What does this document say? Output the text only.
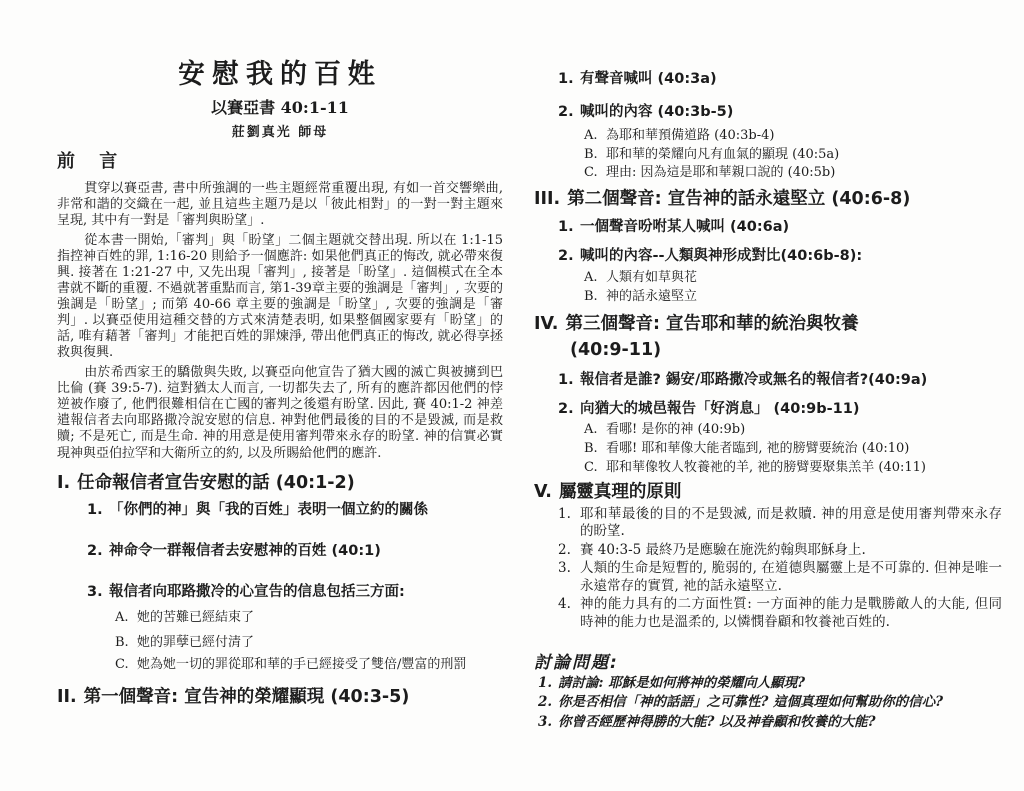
安慰我的百姓
以賽亞書 40:1-11
莊劉真光 師母
前 言

貫穿以賽亞書, 書中所強調的一些主題經常重覆出現, 有如一首交響樂曲, 非常和諧的交織在一起, 並且這些主題乃是以「彼此相對」的一對一對主題來呈現, 其中有一對是「審判與盼望」.

從本書一開始,「審判」與「盼望」二個主題就交替出現. 所以在 1:1-15 指控神百姓的罪, 1:16-20 則給予一個應許: 如果他們真正的悔改, 就必帶來復興. 接著在 1:21-27 中, 又先出現「審判」, 接著是「盼望」. 這個模式在全本書就不斷的重覆. 不過就著重點而言, 第1-39章主要的強調是「審判」, 次要的強調是「盼望」; 而第 40-66 章主要的強調是「盼望」, 次要的強調是「審判」. 以賽亞使用這種交替的方式來清楚表明, 如果整個國家要有「盼望」的話, 唯有藉著「審判」才能把百姓的罪煉淨, 帶出他們真正的悔改, 就必得享拯救與復興.

由於希西家王的驕傲與失敗, 以賽亞向他宣告了猶大國的滅亡與被擄到巴比倫 (賽 39:5-7). 這對猶太人而言, 一切都失去了, 所有的應許都因他們的悖逆被作廢了, 他們很難相信在亡國的審判之後還有盼望. 因此, 賽 40:1-2 神差遣報信者去向耶路撒冷說安慰的信息. 神對他們最後的目的不是毀滅, 而是救贖; 不是死亡, 而是生命. 神的用意是使用審判帶來永存的盼望. 神的信實必實現神與亞伯拉罕和大衛所立的約, 以及所賜給他們的應許.

I. 任命報信者宣告安慰的話 (40:1-2)
1. 「你們的神」與「我的百姓」表明一個立約的關係
2. 神命令一群報信者去安慰神的百姓 (40:1)
3. 報信者向耶路撒冷的心宣告的信息包括三方面:
A. 她的苦難已經結束了
B. 她的罪孽已經付清了
C. 她為她一切的罪從耶和華的手已經接受了雙倍/豐富的刑罰
II. 第一個聲音: 宣告神的榮耀顯現 (40:3-5)
1. 有聲音喊叫 (40:3a)
2. 喊叫的內容 (40:3b-5)
A. 為耶和華預備道路 (40:3b-4)
B. 耶和華的榮耀向凡有血氣的顯現 (40:5a)
C. 理由: 因為這是耶和華親口說的 (40:5b)
III. 第二個聲音: 宣告神的話永遠堅立 (40:6-8)
1. 一個聲音吩咐某人喊叫 (40:6a)
2. 喊叫的內容--人類與神形成對比(40:6b-8):
A. 人類有如草與花
B. 神的話永遠堅立
IV. 第三個聲音: 宣告耶和華的統治與牧養
(40:9-11)
1. 報信者是誰? 錫安/耶路撒冷或無名的報信者?(40:9a)
2. 向猶大的城邑報告「好消息」 (40:9b-11)
A. 看哪! 是你的神 (40:9b)
B. 看哪! 耶和華像大能者臨到, 祂的膀臂要統治 (40:10)
C. 耶和華像牧人牧養祂的羊, 祂的膀臂要聚集羔羊 (40:11)
V. 屬靈真理的原則
1. 耶和華最後的目的不是毀滅, 而是救贖. 神的用意是使用審判帶來永存的盼望.
2. 賽 40:3-5 最終乃是應驗在施洗約翰與耶穌身上.
3. 人類的生命是短暫的, 脆弱的, 在道德與屬靈上是不可靠的. 但神是唯一永遠常存的實質, 祂的話永遠堅立.
4. 神的能力具有的二方面性質: 一方面神的能力是戰勝敵人的大能, 但同時神的能力也是溫柔的, 以憐憫眷顧和牧養祂百姓的.
討論問題:
1. 請討論: 耶穌是如何將神的榮耀向人顯現?
2. 你是否相信「神的話語」之可靠性? 這個真理如何幫助你的信心?
3. 你曾否經歷神得勝的大能? 以及神眷顧和牧養的大能?
